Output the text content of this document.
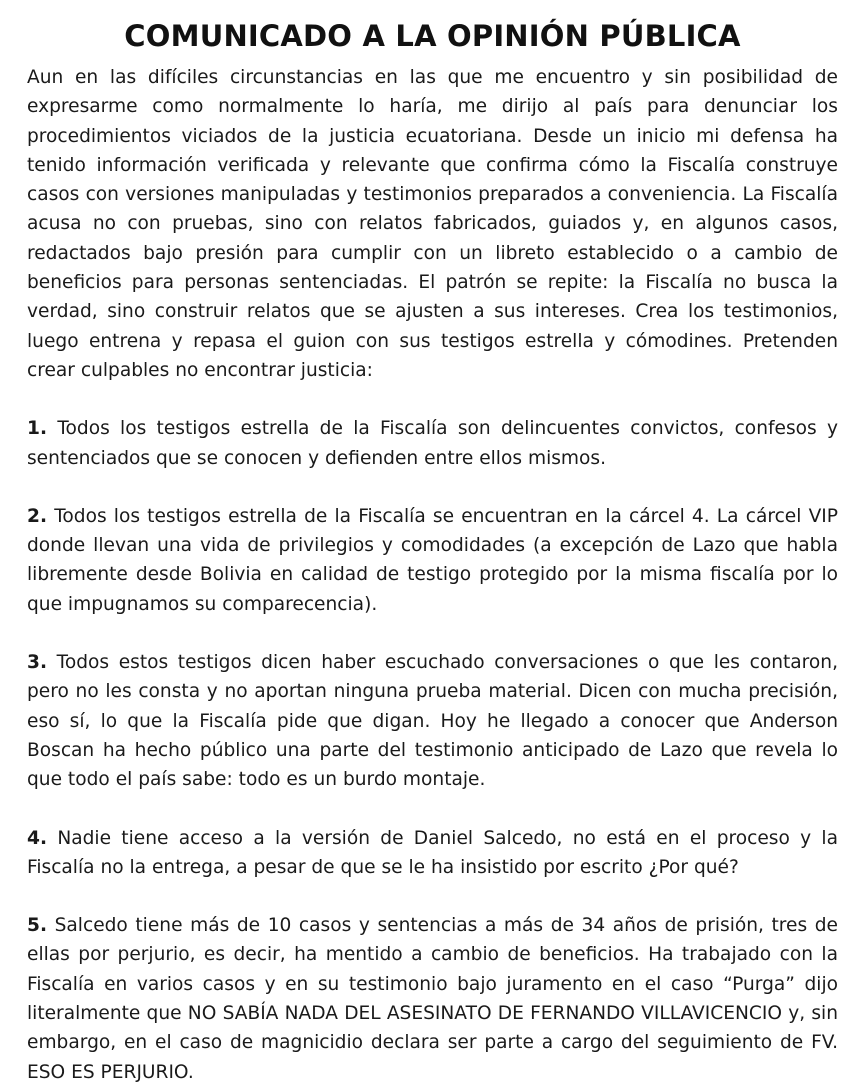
COMUNICADO A LA OPINIÓN PÚBLICA

Aun en las difíciles circunstancias en las que me encuentro y sin posibilidad de expresarme como normalmente lo haría, me dirijo al país para denunciar los procedimientos viciados de la justicia ecuatoriana. Desde un inicio mi defensa ha tenido información verificada y relevante que confirma cómo la Fiscalía construye casos con versiones manipuladas y testimonios preparados a conveniencia. La Fiscalía acusa no con pruebas, sino con relatos fabricados, guiados y, en algunos casos, redactados bajo presión para cumplir con un libreto establecido o a cambio de beneficios para personas sentenciadas. El patrón se repite: la Fiscalía no busca la verdad, sino construir relatos que se ajusten a sus intereses. Crea los testimonios, luego entrena y repasa el guion con sus testigos estrella y cómodines. Pretenden crear culpables no encontrar justicia:

1. Todos los testigos estrella de la Fiscalía son delincuentes convictos, confesos y sentenciados que se conocen y defienden entre ellos mismos.

2. Todos los testigos estrella de la Fiscalía se encuentran en la cárcel 4. La cárcel VIP donde llevan una vida de privilegios y comodidades (a excepción de Lazo que habla libremente desde Bolivia en calidad de testigo protegido por la misma fiscalía por lo que impugnamos su comparecencia).

3. Todos estos testigos dicen haber escuchado conversaciones o que les contaron, pero no les consta y no aportan ninguna prueba material. Dicen con mucha precisión, eso sí, lo que la Fiscalía pide que digan. Hoy he llegado a conocer que Anderson Boscan ha hecho público una parte del testimonio anticipado de Lazo que revela lo que todo el país sabe: todo es un burdo montaje.

4. Nadie tiene acceso a la versión de Daniel Salcedo, no está en el proceso y la Fiscalía no la entrega, a pesar de que se le ha insistido por escrito ¿Por qué?

5. Salcedo tiene más de 10 casos y sentencias a más de 34 años de prisión, tres de ellas por perjurio, es decir, ha mentido a cambio de beneficios. Ha trabajado con la Fiscalía en varios casos y en su testimonio bajo juramento en el caso “Purga” dijo literalmente que NO SABÍA NADA DEL ASESINATO DE FERNANDO VILLAVICENCIO y, sin embargo, en el caso de magnicidio declara ser parte a cargo del seguimiento de FV. ESO ES PERJURIO.
